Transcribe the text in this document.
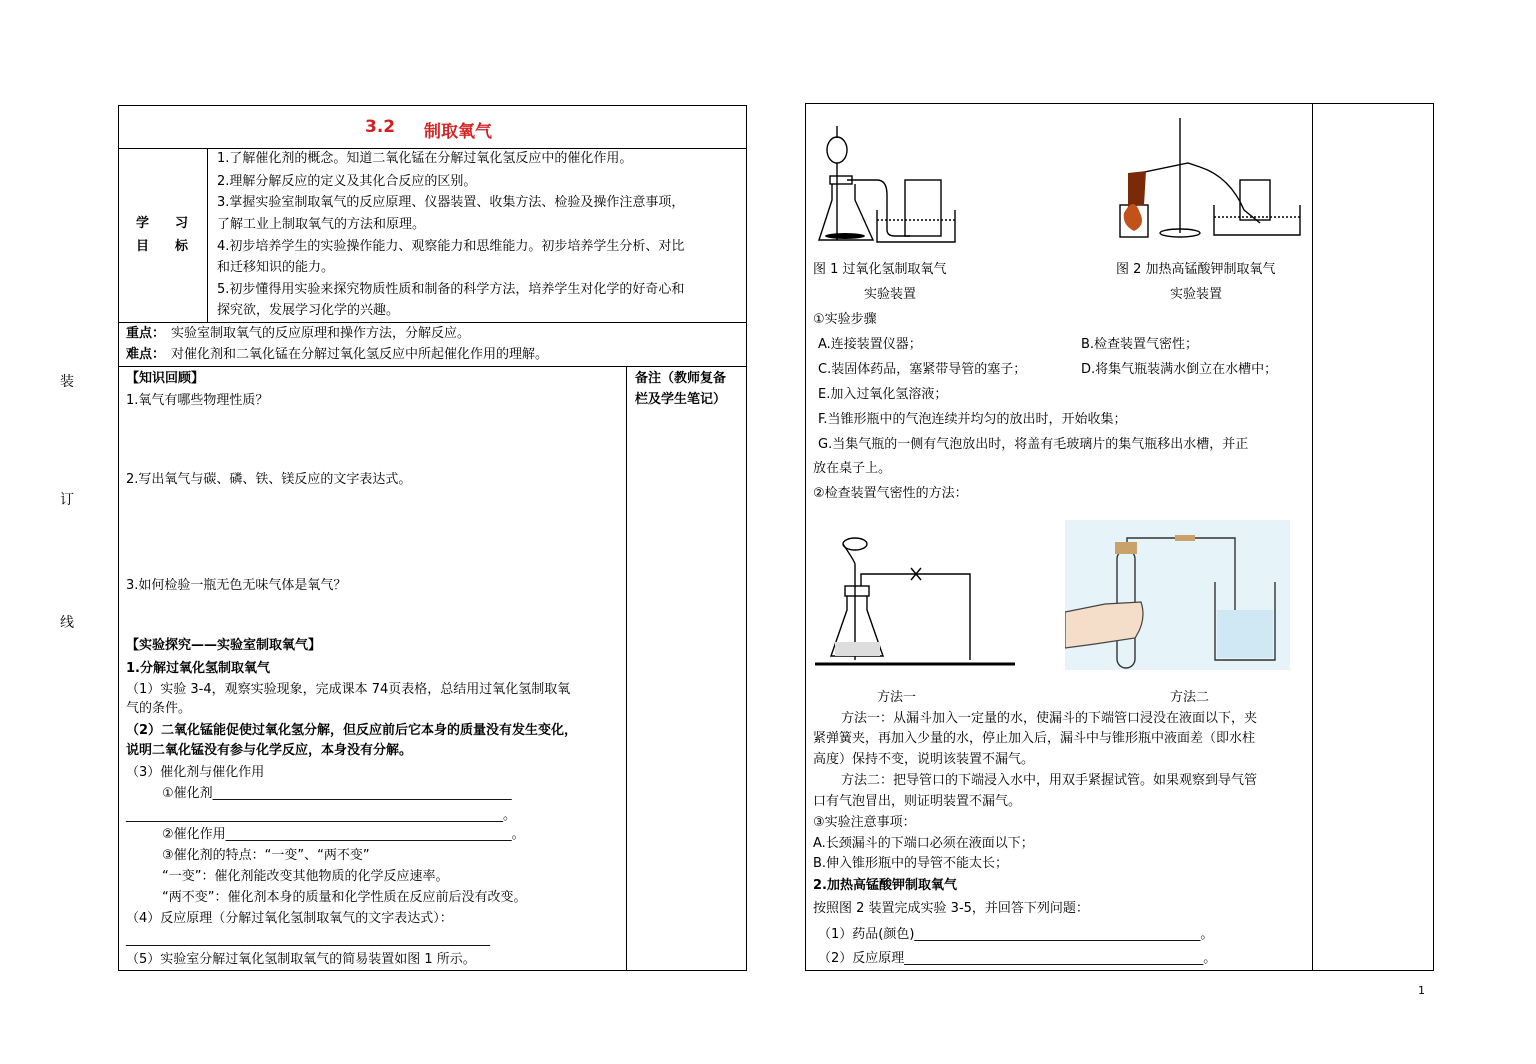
装
订
线
3.2 制取氧气
学　　习
目　　标
1.了解催化剂的概念。知道二氧化锰在分解过氧化氢反应中的催化作用。
2.理解分解反应的定义及其化合反应的区别。
3.掌握实验室制取氧气的反应原理、仪器装置、收集方法、检验及操作注意事项，
了解工业上制取氧气的方法和原理。
4.初步培养学生的实验操作能力、观察能力和思维能力。初步培养学生分析、对比
和迁移知识的能力。
5.初步懂得用实验来探究物质性质和制备的科学方法，培养学生对化学的好奇心和
探究欲，发展学习化学的兴趣。
重点： 实验室制取氧气的反应原理和操作方法，分解反应。
难点： 对催化剂和二氧化锰在分解过氧化氢反应中所起催化作用的理解。
【知识回顾】	备注（教师复备
栏及学生笔记）
1.氧气有哪些物理性质？
2.写出氧气与碳、磷、铁、镁反应的文字表达式。
3.如何检验一瓶无色无味气体是氧气？
【实验探究——实验室制取氧气】
1.分解过氧化氢制取氧气
（1）实验 3-4，观察实验现象，完成课本 74页表格，总结用过氧化氢制取氧
气的条件。
（2）二氧化锰能促使过氧化氢分解，但反应前后它本身的质量没有发生变化，
说明二氧化锰没有参与化学反应，本身没有分解。
（3）催化剂与催化作用
①催化剂______________________________________________
__________________________________________________________。
②催化作用____________________________________________。
③催化剂的特点：“一变”、“两不变”
“一变”：催化剂能改变其他物质的化学反应速率。
“两不变”：催化剂本身的质量和化学性质在反应前后没有改变。
（4）反应原理（分解过氧化氢制取氧气的文字表达式）：
________________________________________________________
（5）实验室分解过氧化氢制取氧气的简易装置如图 1 所示。
图 1 过氧化氢制取氧气
实验装置
图 2 加热高锰酸钾制取氧气
实验装置
①实验步骤
A.连接装置仪器；	B.检查装置气密性；
C.装固体药品，塞紧带导管的塞子；	D.将集气瓶装满水倒立在水槽中；
E.加入过氧化氢溶液；
F.当锥形瓶中的气泡连续并均匀的放出时，开始收集；
G.当集气瓶的一侧有气泡放出时，将盖有毛玻璃片的集气瓶移出水槽，并正
放在桌子上。
②检查装置气密性的方法：
方法一	方法二
方法一：从漏斗加入一定量的水，使漏斗的下端管口浸没在液面以下，夹
紧弹簧夹，再加入少量的水，停止加入后，漏斗中与锥形瓶中液面差（即水柱
高度）保持不变，说明该装置不漏气。
方法二：把导管口的下端浸入水中，用双手紧握试管。如果观察到导气管
口有气泡冒出，则证明装置不漏气。
③实验注意事项：
A.长颈漏斗的下端口必须在液面以下；
B.伸入锥形瓶中的导管不能太长；
2.加热高锰酸钾制取氧气
按照图 2 装置完成实验 3-5，并回答下列问题：
（1）药品(颜色)____________________________________________。
（2）反应原理______________________________________________。
1
